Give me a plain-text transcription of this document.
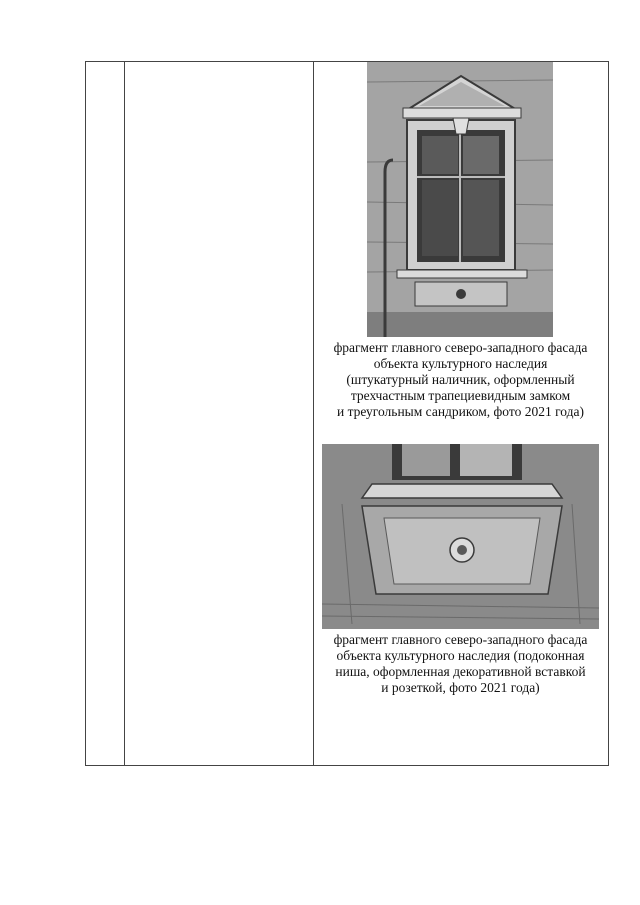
фрагмент главного северо-западного фасада
объекта культурного наследия
(штукатурный наличник, оформленный
трехчастным трапециевидным замком
и треугольным сандриком, фото 2021 года)

фрагмент главного северо-западного фасада
объекта культурного наследия (подоконная
ниша, оформленная декоративной вставкой
и розеткой, фото 2021 года)
